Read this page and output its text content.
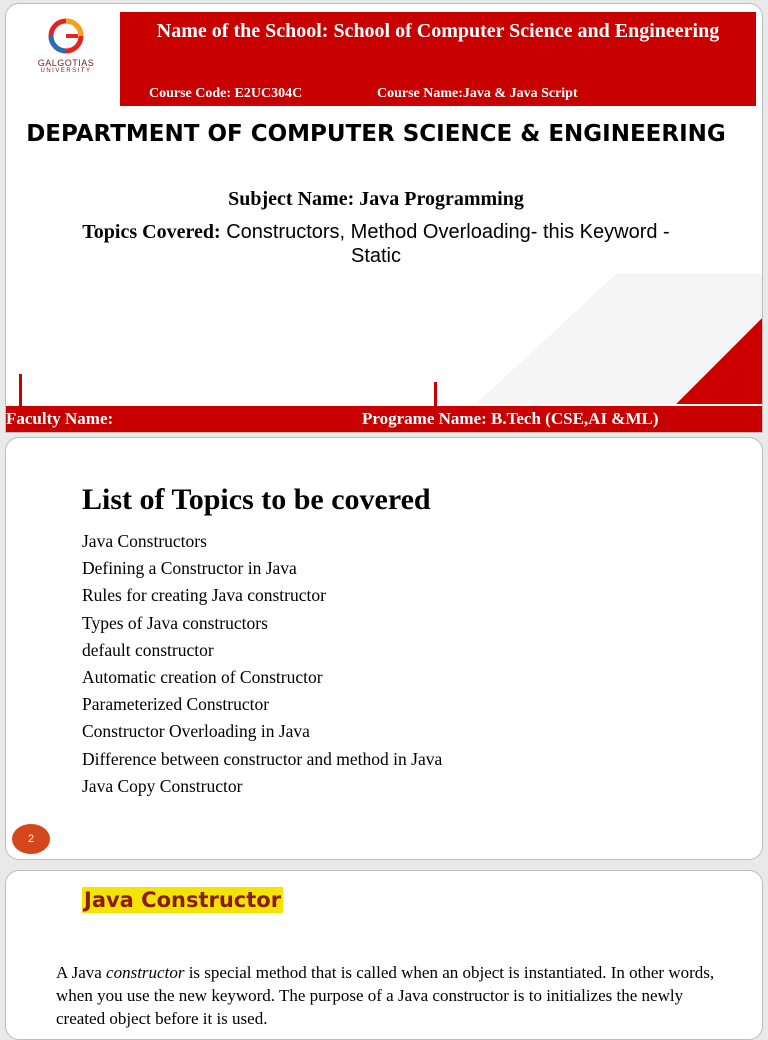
GALGOTIAS
UNIVERSITY
Name of the School: School of Computer Science and Engineering
Course Code: E2UC304C	Course Name:Java & Java Script
DEPARTMENT OF COMPUTER SCIENCE & ENGINEERING
Subject Name: Java Programming
Topics Covered: Constructors, Method Overloading- this Keyword - Static
Faculty Name:	Programe Name: B.Tech (CSE,AI &ML)
List of Topics to be covered
Java Constructors
Defining a Constructor in Java
Rules for creating Java constructor
Types of Java constructors
default constructor
Automatic creation of Constructor
Parameterized Constructor
Constructor Overloading in Java
Difference between constructor and method in Java
Java Copy Constructor
2
Java Constructor
A Java constructor is special method that is called when an object is instantiated. In other words, when you use the new keyword. The purpose of a Java constructor is to initializes the newly created object before it is used.
